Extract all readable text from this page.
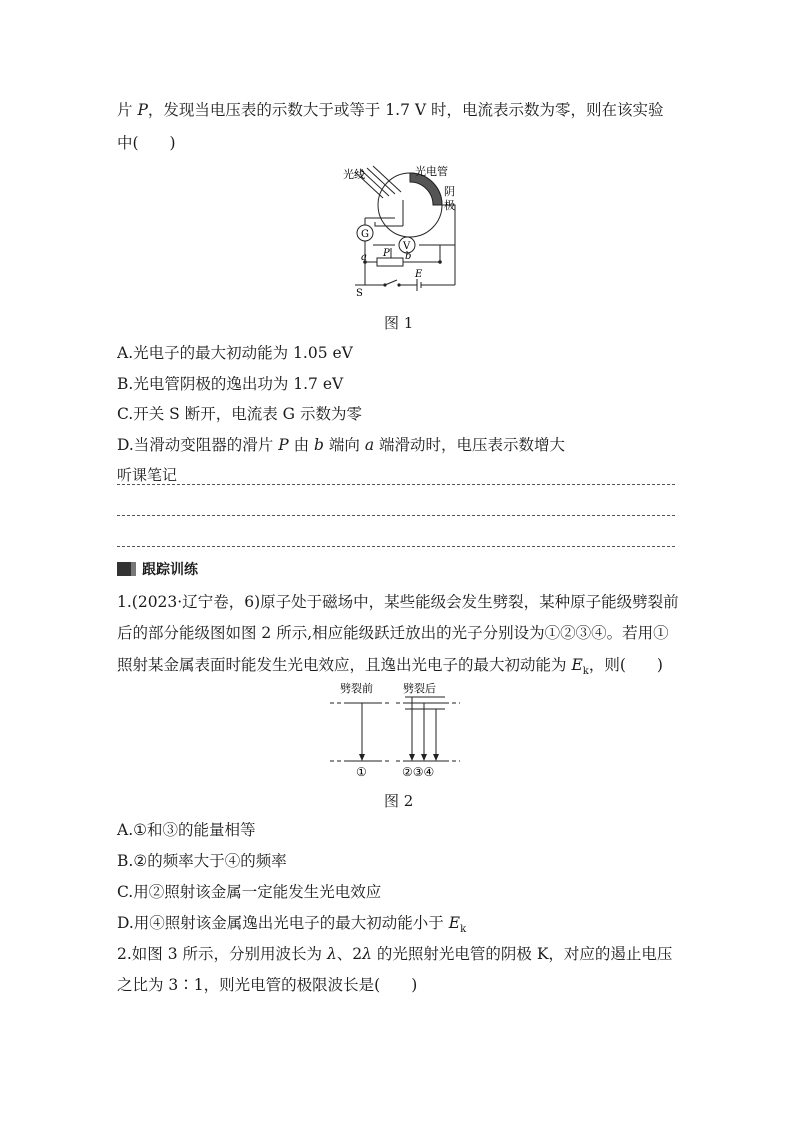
片 P，发现当电压表的示数大于或等于 1.7 V 时，电流表示数为零，则在该实验
中(　　)
光线	光电管
阴
极
G
V
a P b
E
S
图 1
A.光电子的最大初动能为 1.05 eV
B.光电管阴极的逸出功为 1.7 eV
C.开关 S 断开，电流表 G 示数为零
D.当滑动变阻器的滑片 P 由 b 端向 a 端滑动时，电压表示数增大
听课笔记
跟踪训练
1.(2023·辽宁卷，6)原子处于磁场中，某些能级会发生劈裂，某种原子能级劈裂前
后的部分能级图如图 2 所示,相应能级跃迁放出的光子分别设为①②③④。若用①
照射某金属表面时能发生光电效应，且逸出光电子的最大初动能为 $E_k$，则(　　)
劈裂前	劈裂后
①	②③④
图 2
A.①和③的能量相等
B.②的频率大于④的频率
C.用②照射该金属一定能发生光电效应
D.用④照射该金属逸出光电子的最大初动能小于 $E_k$
2.如图 3 所示，分别用波长为 λ、2λ 的光照射光电管的阴极 K，对应的遏止电压
之比为 3∶1，则光电管的极限波长是(　　)
